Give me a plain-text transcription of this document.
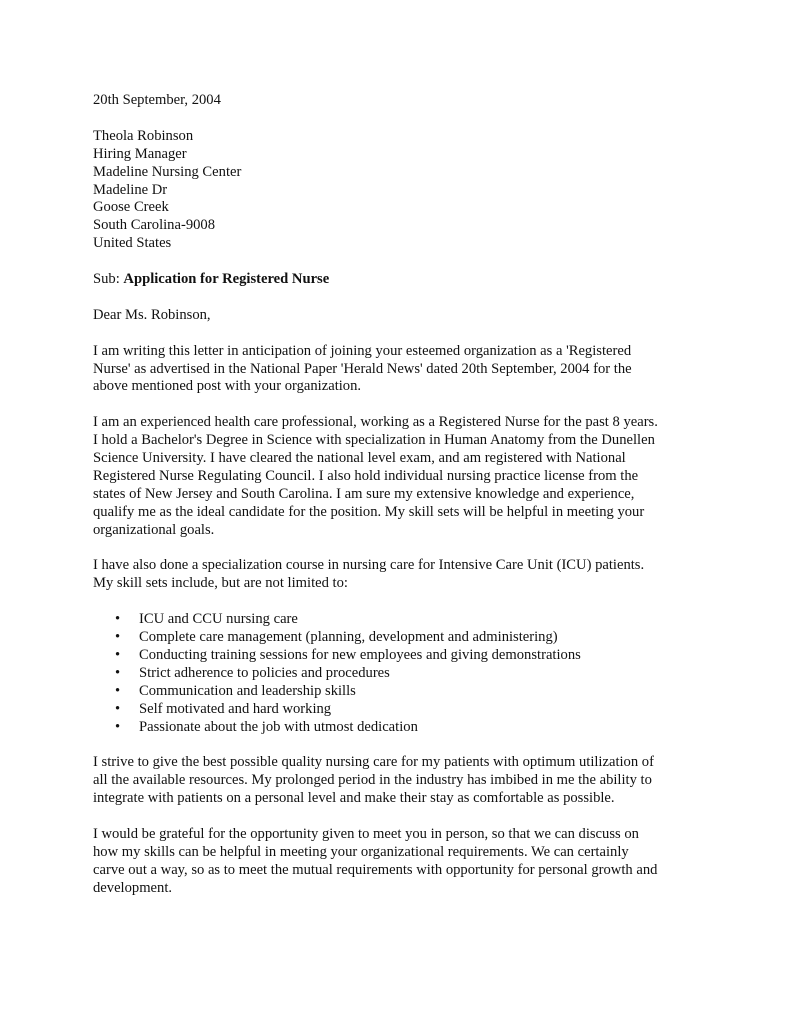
20th September, 2004
Theola Robinson
Hiring Manager
Madeline Nursing Center
Madeline Dr
Goose Creek
South Carolina-9008
United States
Sub: Application for Registered Nurse
Dear Ms. Robinson,
I am writing this letter in anticipation of joining your esteemed organization as a 'Registered
Nurse' as advertised in the National Paper 'Herald News' dated 20th September, 2004 for the
above mentioned post with your organization.
I am an experienced health care professional, working as a Registered Nurse for the past 8 years.
I hold a Bachelor's Degree in Science with specialization in Human Anatomy from the Dunellen
Science University. I have cleared the national level exam, and am registered with National
Registered Nurse Regulating Council. I also hold individual nursing practice license from the
states of New Jersey and South Carolina. I am sure my extensive knowledge and experience,
qualify me as the ideal candidate for the position. My skill sets will be helpful in meeting your
organizational goals.
I have also done a specialization course in nursing care for Intensive Care Unit (ICU) patients.
My skill sets include, but are not limited to:
• ICU and CCU nursing care
• Complete care management (planning, development and administering)
• Conducting training sessions for new employees and giving demonstrations
• Strict adherence to policies and procedures
• Communication and leadership skills
• Self motivated and hard working
• Passionate about the job with utmost dedication
I strive to give the best possible quality nursing care for my patients with optimum utilization of
all the available resources. My prolonged period in the industry has imbibed in me the ability to
integrate with patients on a personal level and make their stay as comfortable as possible.
I would be grateful for the opportunity given to meet you in person, so that we can discuss on
how my skills can be helpful in meeting your organizational requirements. We can certainly
carve out a way, so as to meet the mutual requirements with opportunity for personal growth and
development.
